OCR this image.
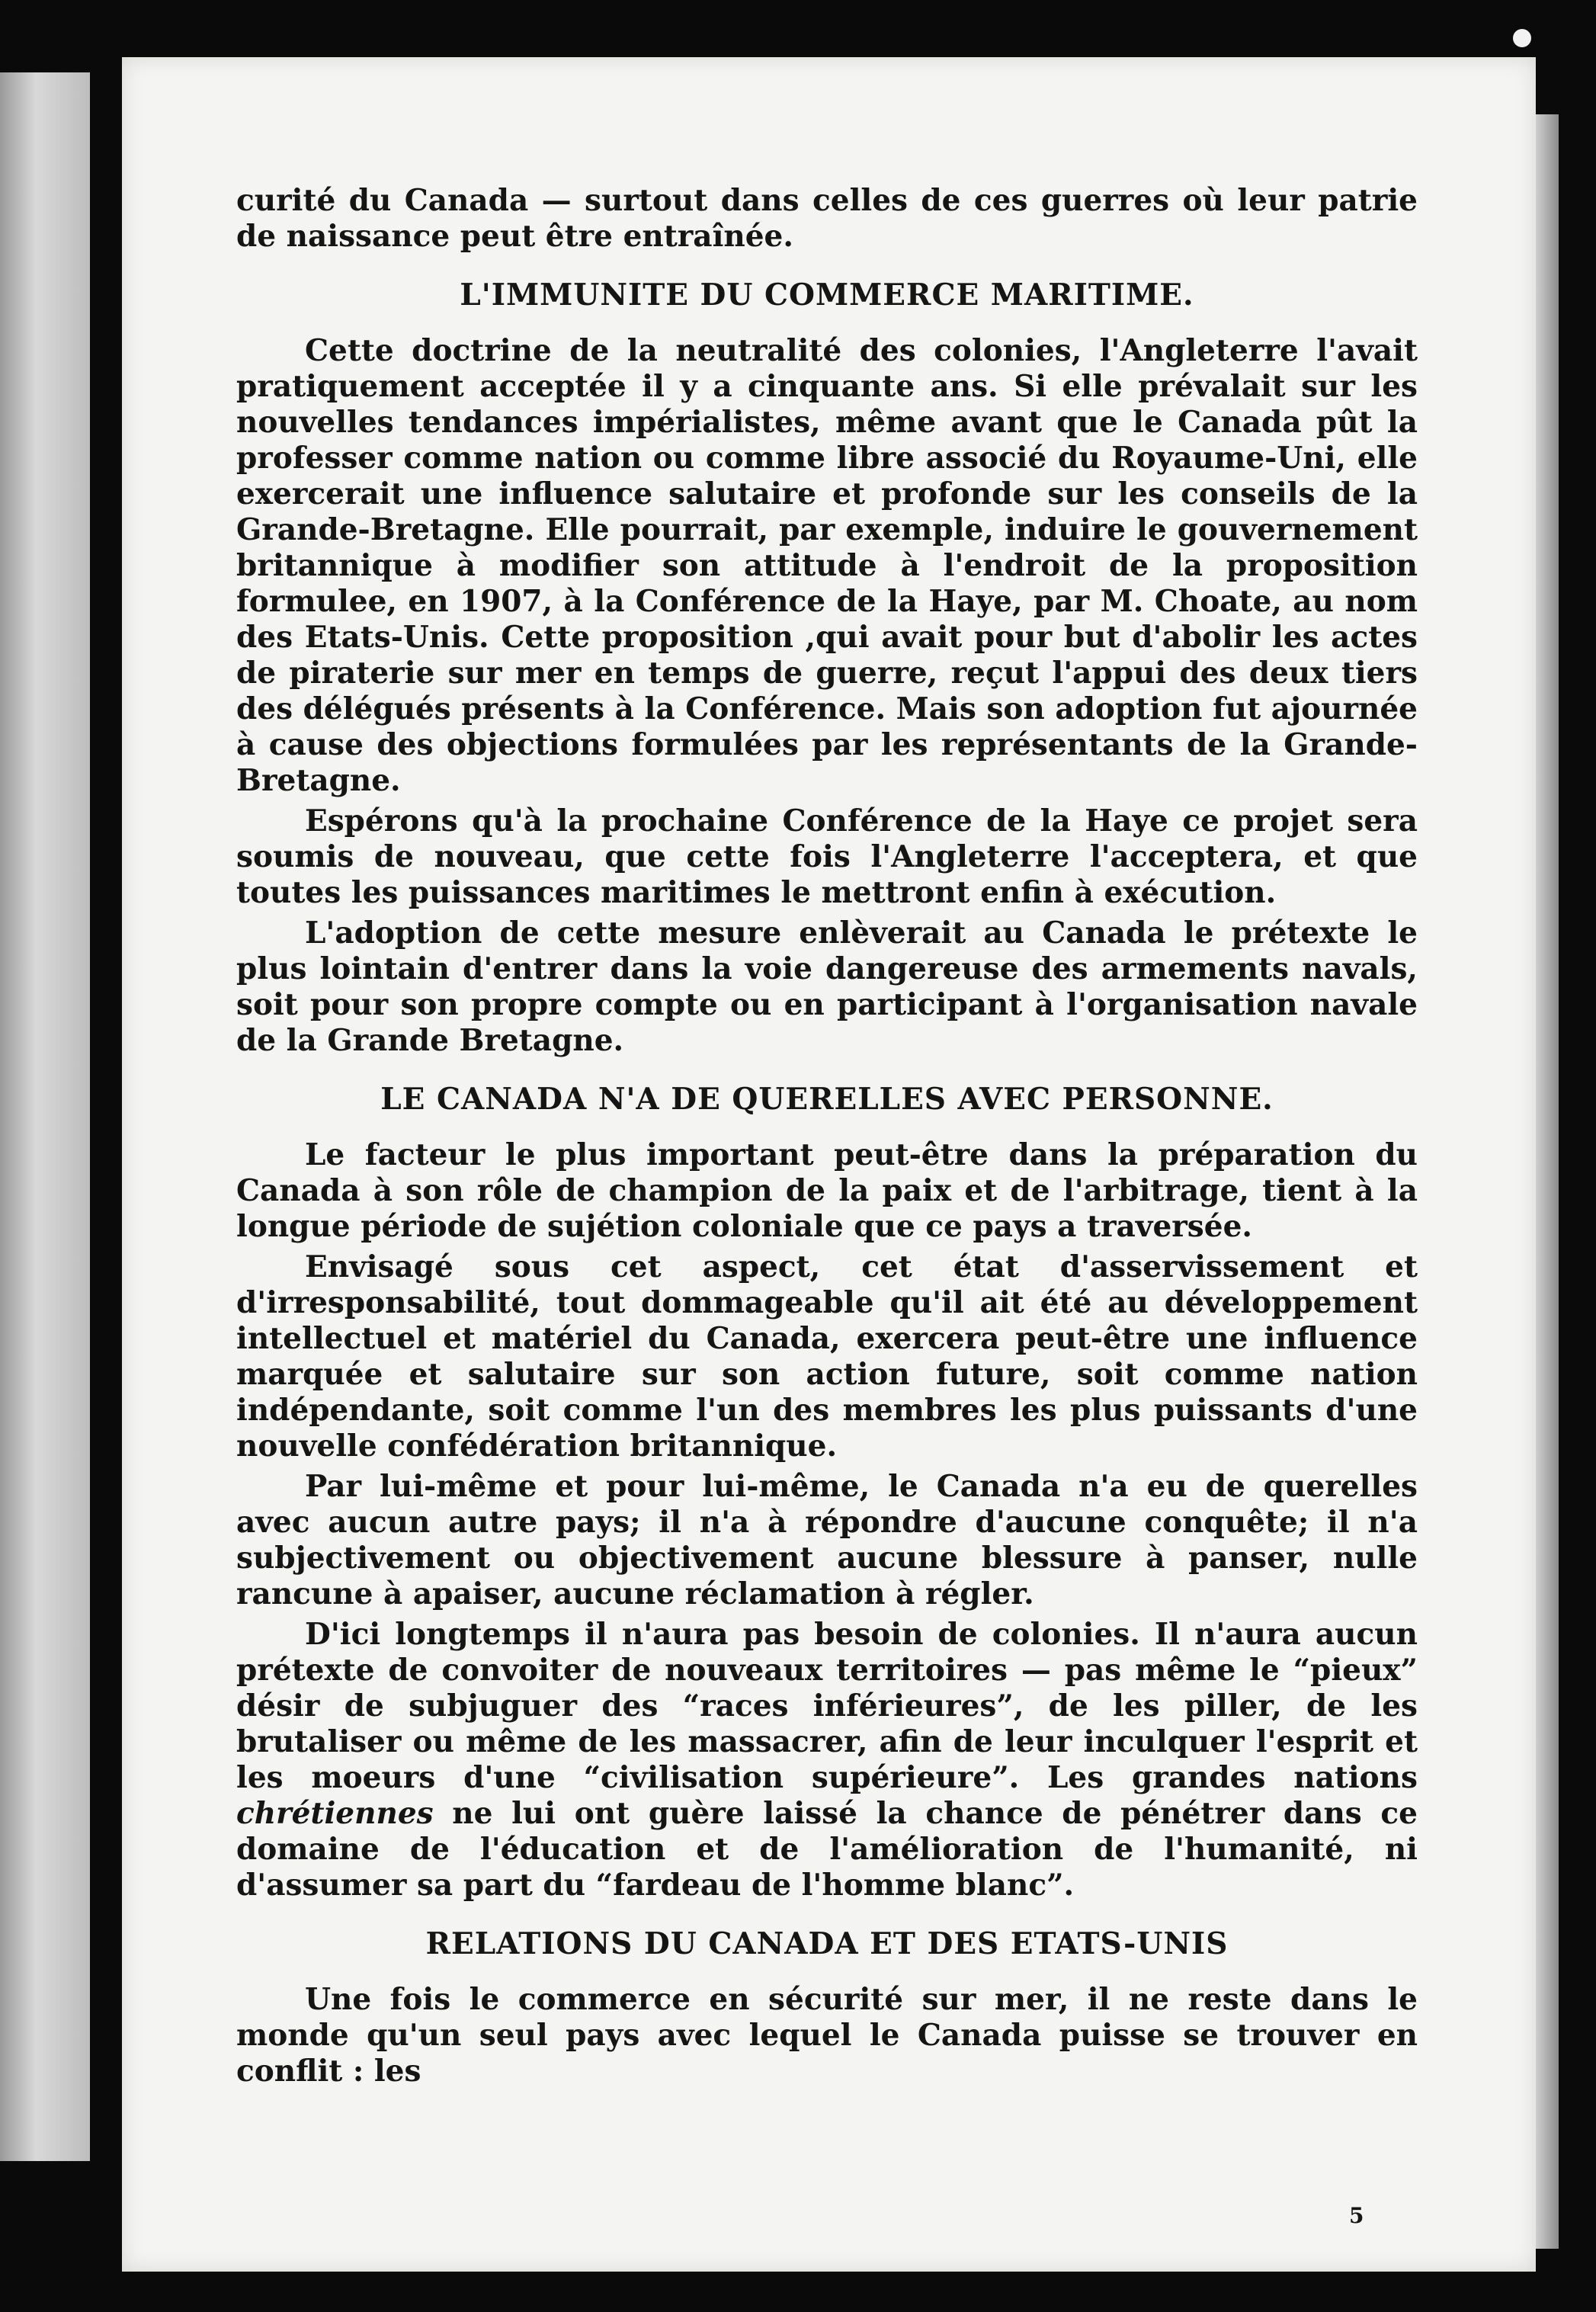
curité du Canada — surtout dans celles de ces guerres où leur patrie de naissance peut être entraînée.

L'IMMUNITE DU COMMERCE MARITIME.

Cette doctrine de la neutralité des colonies, l'Angleterre l'avait pratiquement acceptée il y a cinquante ans. Si elle prévalait sur les nouvelles tendances impérialistes, même avant que le Canada pût la professer comme nation ou comme libre associé du Royaume-Uni, elle exercerait une influence salutaire et profonde sur les conseils de la Grande-Bretagne. Elle pourrait, par exemple, induire le gouvernement britannique à modifier son attitude à l'endroit de la proposition formulee, en 1907, à la Conférence de la Haye, par M. Choate, au nom des Etats-Unis. Cette proposition ,qui avait pour but d'abolir les actes de piraterie sur mer en temps de guerre, reçut l'appui des deux tiers des délégués présents à la Conférence. Mais son adoption fut ajournée à cause des objections formulées par les représentants de la Grande-Bretagne.

Espérons qu'à la prochaine Conférence de la Haye ce projet sera soumis de nouveau, que cette fois l'Angleterre l'acceptera, et que toutes les puissances maritimes le mettront enfin à exécution.

L'adoption de cette mesure enlèverait au Canada le prétexte le plus lointain d'entrer dans la voie dangereuse des armements navals, soit pour son propre compte ou en participant à l'organisation navale de la Grande Bretagne.

LE CANADA N'A DE QUERELLES AVEC PERSONNE.

Le facteur le plus important peut-être dans la préparation du Canada à son rôle de champion de la paix et de l'arbitrage, tient à la longue période de sujétion coloniale que ce pays a traversée.

Envisagé sous cet aspect, cet état d'asservissement et d'irresponsabilité, tout dommageable qu'il ait été au développement intellectuel et matériel du Canada, exercera peut-être une influence marquée et salutaire sur son action future, soit comme nation indépendante, soit comme l'un des membres les plus puissants d'une nouvelle confédération britannique.

Par lui-même et pour lui-même, le Canada n'a eu de querelles avec aucun autre pays; il n'a à répondre d'aucune conquête; il n'a subjectivement ou objectivement aucune blessure à panser, nulle rancune à apaiser, aucune réclamation à régler.

D'ici longtemps il n'aura pas besoin de colonies. Il n'aura aucun prétexte de convoiter de nouveaux territoires — pas même le “pieux” désir de subjuguer des “races inférieures”, de les piller, de les brutaliser ou même de les massacrer, afin de leur inculquer l'esprit et les moeurs d'une “civilisation supérieure”. Les grandes nations chrétiennes ne lui ont guère laissé la chance de pénétrer dans ce domaine de l'éducation et de l'amélioration de l'humanité, ni d'assumer sa part du “fardeau de l'homme blanc”.

RELATIONS DU CANADA ET DES ETATS-UNIS

Une fois le commerce en sécurité sur mer, il ne reste dans le monde qu'un seul pays avec lequel le Canada puisse se trouver en conflit : les

5
